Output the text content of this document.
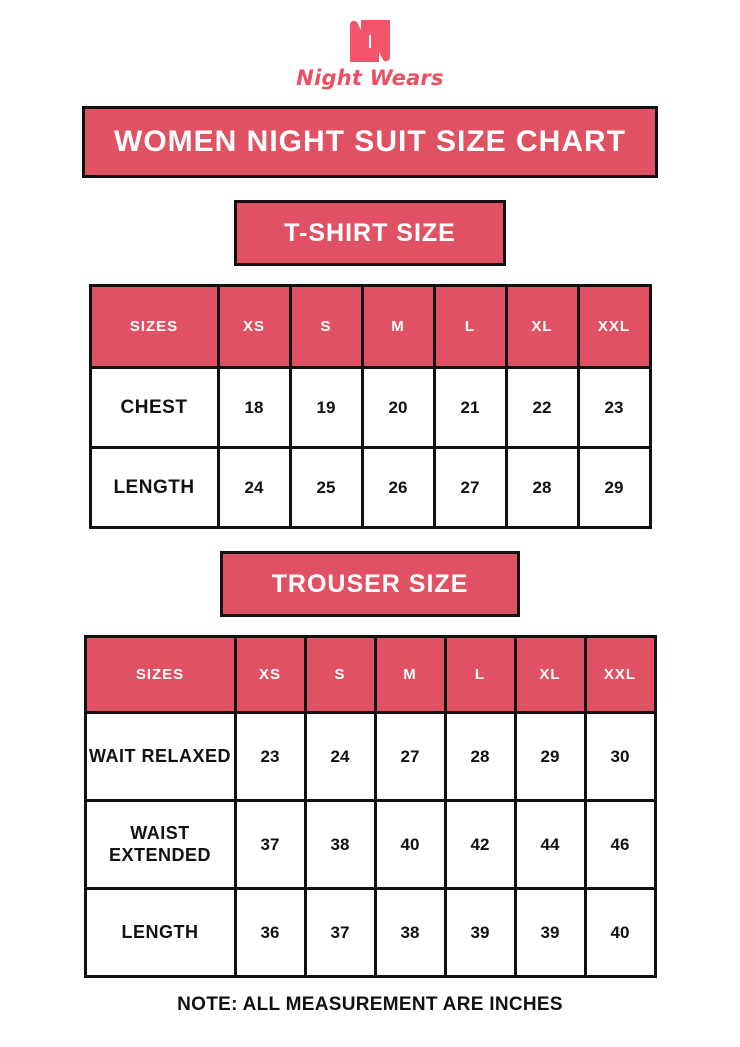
Night Wears
WOMEN NIGHT SUIT SIZE CHART
T-SHIRT SIZE
SIZES	XS	S	M	L	XL	XXL
CHEST	18	19	20	21	22	23
LENGTH	24	25	26	27	28	29
TROUSER SIZE
SIZES	XS	S	M	L	XL	XXL
WAIT RELAXED	23	24	27	28	29	30
WAIST EXTENDED	37	38	40	42	44	46
LENGTH	36	37	38	39	39	40
NOTE: ALL MEASUREMENT ARE INCHES
